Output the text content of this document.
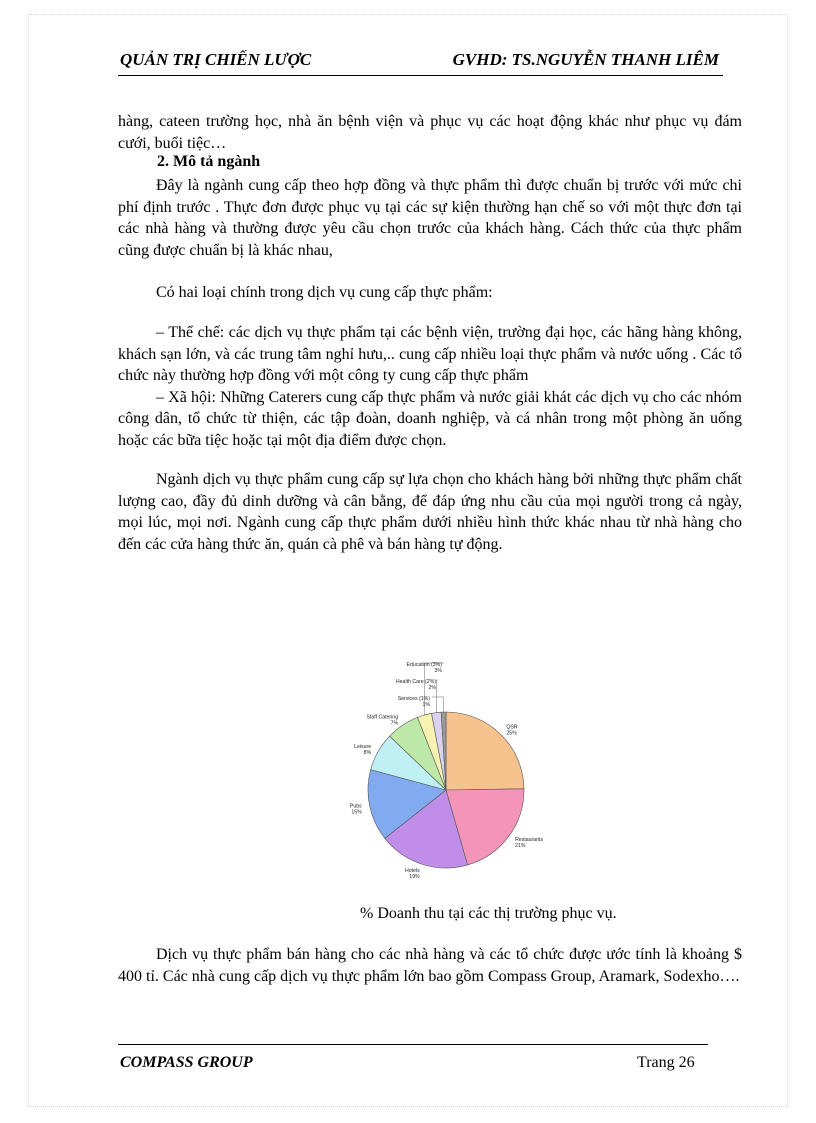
QUẢN TRỊ CHIẾN LƯỢC	GVHD: TS.NGUYỄN THANH LIÊM

hàng, cateen trường học, nhà ăn bệnh viện và phục vụ các hoạt động khác như phục vụ đám cưới, buổi tiệc…

2. Mô tả ngành

Đây là ngành cung cấp theo hợp đồng và thực phẩm thì được chuẩn bị trước với mức chi phí định trước . Thực đơn được phục vụ tại các sự kiện thường hạn chế so với một thực đơn tại các nhà hàng và thường được yêu cầu chọn trước của khách hàng. Cách thức của thực phẩm cũng được chuẩn bị là khác nhau,

Có hai loại chính trong dịch vụ cung cấp thực phẩm:

– Thể chế: các dịch vụ thực phẩm tại các bệnh viện, trường đại học, các hãng hàng không, khách sạn lớn, và các trung tâm nghỉ hưu,.. cung cấp nhiều loại thực phẩm và nước uống . Các tổ chức này thường hợp đồng với một công ty cung cấp thực phẩm

– Xã hội: Những Caterers cung cấp thực phẩm và nước giải khát các dịch vụ cho các nhóm công dân, tổ chức từ thiện, các tập đoàn, doanh nghiệp, và cá nhân trong một phòng ăn uống hoặc các bữa tiệc hoặc tại một địa điểm được chọn.

Ngành dịch vụ thực phẩm cung cấp sự lựa chọn cho khách hàng bởi những thực phẩm chất lượng cao, đầy đủ dinh dưỡng và cân bằng, để đáp ứng nhu cầu của mọi người trong cả ngày, mọi lúc, mọi nơi. Ngành cung cấp thực phẩm dưới nhiều hình thức khác nhau từ nhà hàng cho đến các cửa hàng thức ăn, quán cà phê và bán hàng tự động.

QSR
25%
Restaurants
21%
Hotels
19%
Pubs
15%
Leisure
8%
Staff Catering
7%
Education (3%)
3%
Health Care (2%)
2%
Services (1%)
1%
% Doanh thu tại các thị trường phục vụ.

Dịch vụ thực phẩm bán hàng cho các nhà hàng và các tổ chức được ước tính là khoảng $ 400 tỉ. Các nhà cung cấp dịch vụ thực phẩm lớn bao gồm Compass Group, Aramark, Sodexho….

COMPASS GROUP	Trang 26
